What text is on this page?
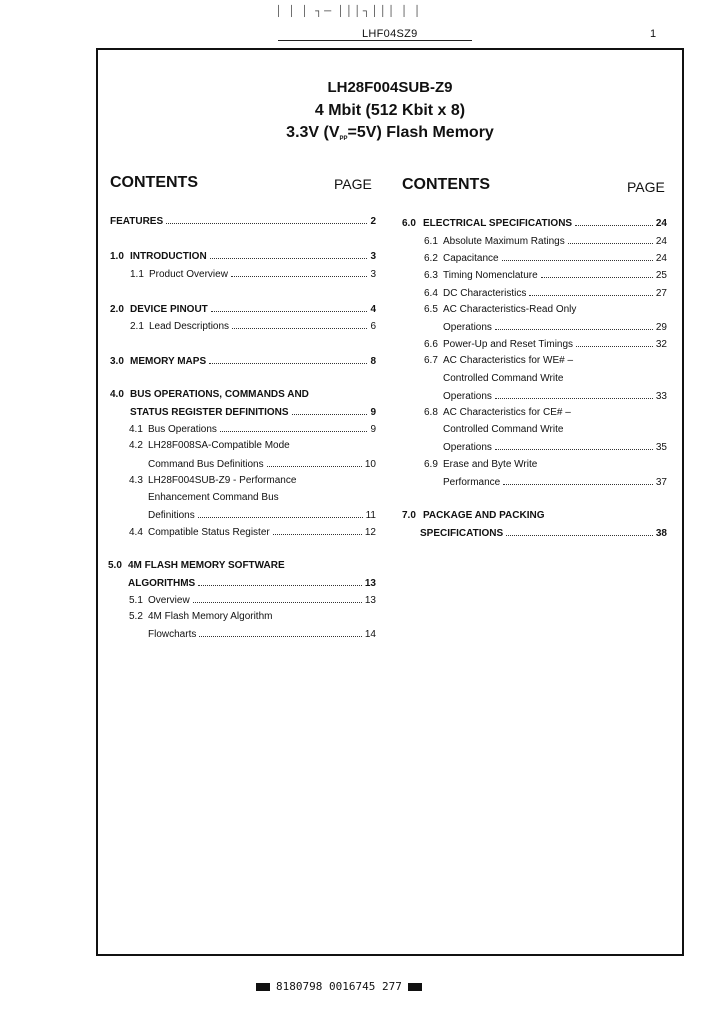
│ │ │ ┐─ │││┐│││ │ │
LHF04SZ9	1
LH28F004SUB-Z9
4 Mbit (512 Kbit x 8)
3.3V (VPP=5V) Flash Memory
CONTENTS	PAGE CONTENTS	PAGE
FEATURES	2
1.0 INTRODUCTION	3
1.1 Product Overview	3
2.0 DEVICE PINOUT	4
2.1 Lead Descriptions	6
3.0 MEMORY MAPS	8
4.0 BUS OPERATIONS, COMMANDS AND
STATUS REGISTER DEFINITIONS	9
4.1 Bus Operations	9
4.2 LH28F008SA-Compatible Mode
Command Bus Definitions	10
4.3 LH28F004SUB-Z9 - Performance
Enhancement Command Bus
Definitions	11
4.4 Compatible Status Register	12
5.0 4M FLASH MEMORY SOFTWARE
ALGORITHMS	13
5.1 Overview	13
5.2 4M Flash Memory Algorithm
Flowcharts	14
6.0 ELECTRICAL SPECIFICATIONS	24
6.1 Absolute Maximum Ratings	24
6.2 Capacitance	24
6.3 Timing Nomenclature	25
6.4 DC Characteristics	27
6.5 AC Characteristics-Read Only
Operations	29
6.6 Power-Up and Reset Timings	32
6.7 AC Characteristics for WE# –
Controlled Command Write
Operations	33
6.8 AC Characteristics for CE# –
Controlled Command Write
Operations	35
6.9 Erase and Byte Write
Performance	37
7.0 PACKAGE AND PACKING
SPECIFICATIONS	38
8180798 0016745 277
